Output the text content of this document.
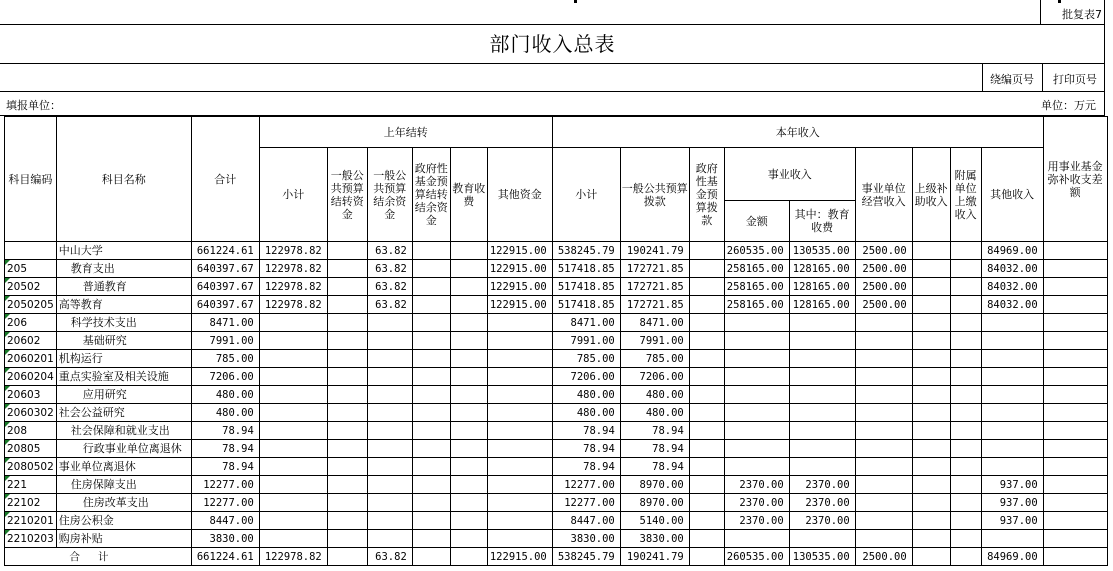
批复表7
部门收入总表
绕编页号 打印页号
填报单位：	单位：万元
科目编码	科目名称	合计	上年结转						本年收入									用事业基金弥补收支差额
			小计	一般公共预算结转资金	一般公共预算结余资金	政府性基金预算结转结余资金	教育收费	其他资金	小计	一般公共预算拨款	政府性基金预算拨款	事业收入		事业单位经营收入	上级补助收入	附属单位上缴收入	其他收入	
												金额	其中：教育收费					
	中山大学	661224.61	122978.82		63.82			122915.00	538245.79	190241.79		260535.00	130535.00	2500.00			84969.00	

205	教育支出	640397.67	122978.82		63.82			122915.00	517418.85	172721.85		258165.00	128165.00	2500.00			84032.00	

20502	普通教育	640397.67	122978.82		63.82			122915.00	517418.85	172721.85		258165.00	128165.00	2500.00			84032.00	

2050205	高等教育	640397.67	122978.82		63.82			122915.00	517418.85	172721.85		258165.00	128165.00	2500.00			84032.00	

206	科学技术支出	8471.00							8471.00	8471.00								

20602	基础研究	7991.00							7991.00	7991.00								

2060201	机构运行	785.00							785.00	785.00								

2060204	重点实验室及相关设施	7206.00							7206.00	7206.00								

20603	应用研究	480.00							480.00	480.00								

2060302	社会公益研究	480.00							480.00	480.00								

208	社会保障和就业支出	78.94							78.94	78.94								

20805	行政事业单位离退休	78.94							78.94	78.94								

2080502	事业单位离退休	78.94							78.94	78.94								

221	住房保障支出	12277.00							12277.00	8970.00		2370.00	2370.00				937.00	

22102	住房改革支出	12277.00							12277.00	8970.00		2370.00	2370.00				937.00	

2210201	住房公积金	8447.00							8447.00	5140.00		2370.00	2370.00				937.00	

2210203	购房补贴	3830.00							3830.00	3830.00								
合计		661224.61	122978.82		63.82			122915.00	538245.79	190241.79		260535.00	130535.00	2500.00			84969.00	
